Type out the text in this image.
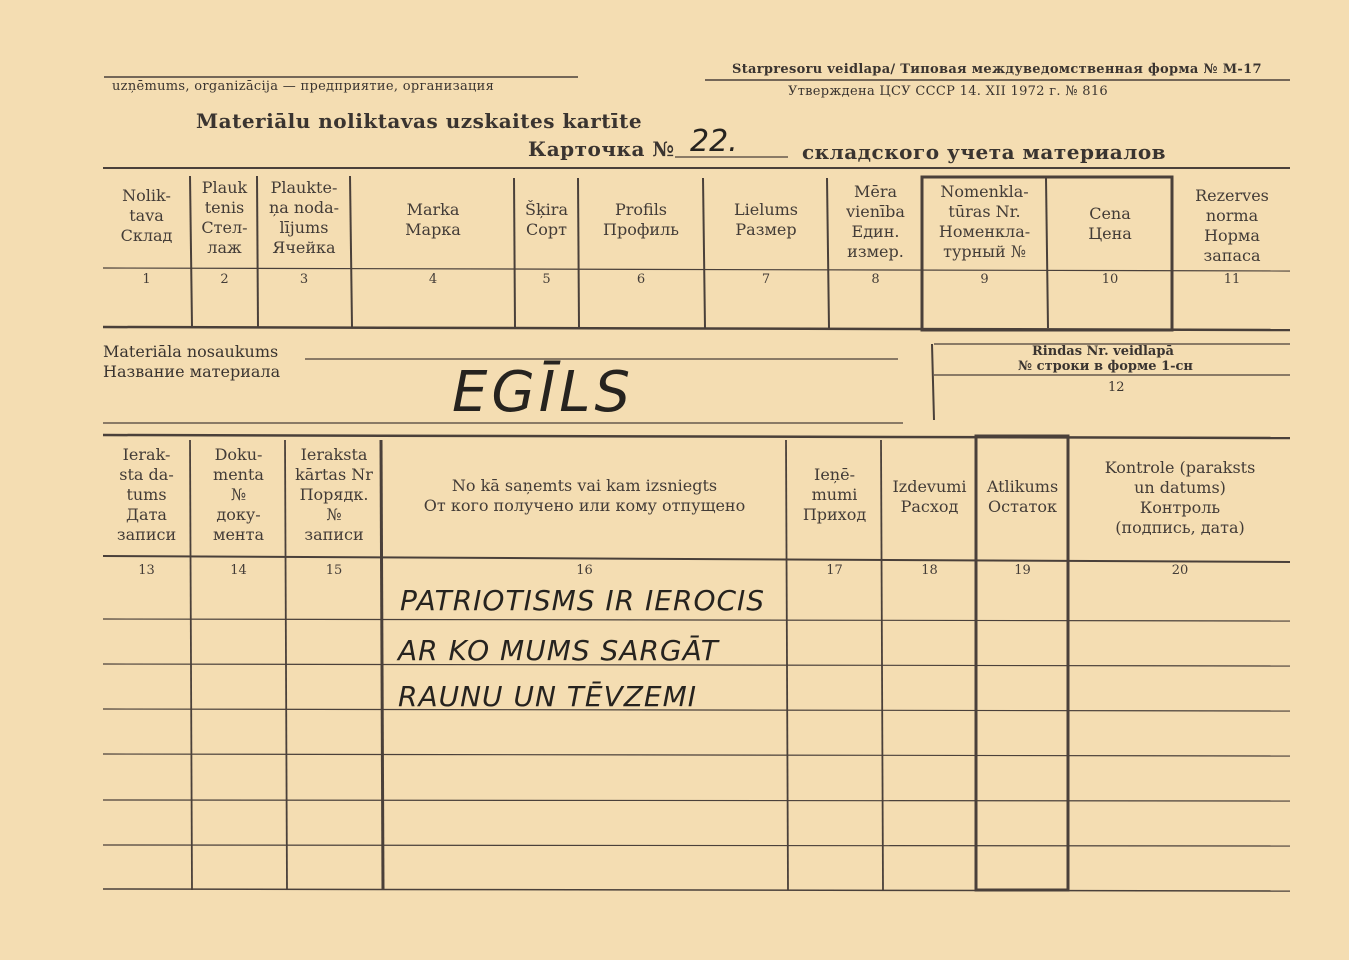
uzņēmums, organizācija — предприятие, организация
Starpresoru veidlapa/ Типовая междуведомственная форма № М-17
Утверждена ЦСУ СССР 14. XII 1972 г. № 816
Materiālu noliktavas uzskaites kartīte
Карточка № 22.	складского учета материалов
Nolik-
tava
Склад
1
Plauk
tenis
Стел-
лаж
2
Plaukte-
ņa noda-
lījums
Ячейка
3
Marka
Марка
4
Šķira
Сорт
5
Profils
Профиль
6
Lielums
Размер
7
Mēra
vienība
Един.
измер.
8
Nomenkla-
tūras Nr.
Номенкла-
турный №
9
Cena
Цена
10
Rezerves
norma
Норма
запаса
11
Materiāla nosaukums
Название материала	EGĪLS
Rindas Nr. veidlapā
№ строки в форме 1-сн
12
Ierak-
sta da-
tums
Дата
записи
13
Doku-
menta
№
доку-
мента
14
Ieraksta
kārtas Nr
Порядк.
№
записи
15
No kā saņemts vai kam izsniegts
От кого получено или кому отпущено
16
Ieņē-
mumi
Приход
17
Izdevumi
Расход
18
Atlikums
Остаток
19
Kontrole (paraksts
un datums)
Контроль
(подпись, дата)
20
PATRIOTISMS IR IEROCIS
AR KO MUMS SARGĀT
RAUNU UN TĒVZEMI
